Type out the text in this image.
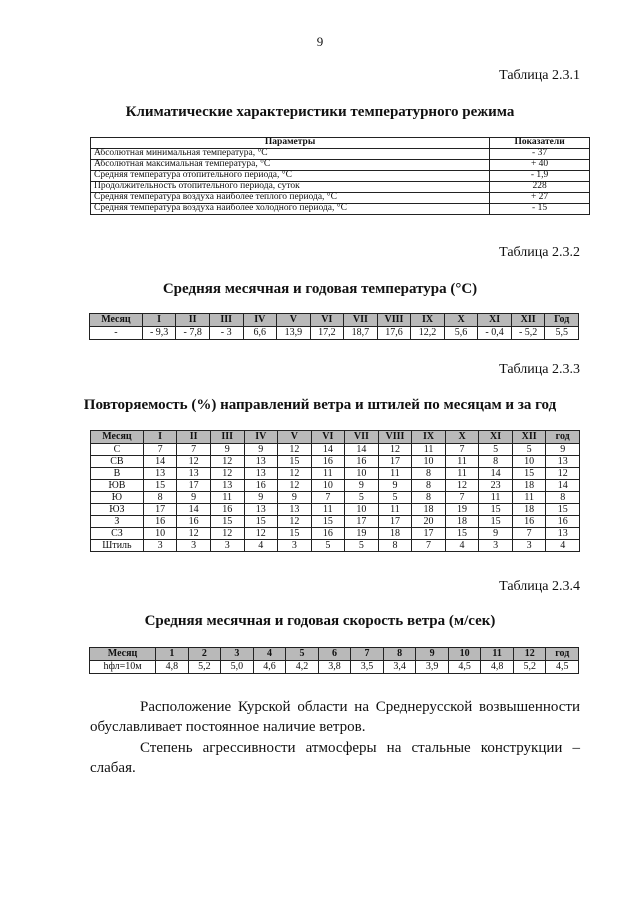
9
Таблица 2.3.1
Климатические характеристики температурного режима
Параметры	Показатели
Абсолютная минимальная температура, °С	- 37
Абсолютная максимальная температура, °С	+ 40
Средняя температура отопительного периода, °С	- 1,9
Продолжительность отопительного периода, суток	228
Средняя температура воздуха наиболее теплого периода, °С	+ 27
Средняя температура воздуха наиболее холодного периода, °С	- 15
Таблица 2.3.2
Средняя месячная и годовая температура (°С)
Месяц	I	II	III	IV	V	VI	VII	VIII	IX	X	XI	XII	Год
-	- 9,3	- 7,8	- 3	6,6	13,9	17,2	18,7	17,6	12,2	5,6	- 0,4	- 5,2	5,5
Таблица 2.3.3
Повторяемость (%) направлений ветра и штилей по месяцам и за год
Месяц	I	II	III	IV	V	VI	VII	VIII	IX	X	XI	XII	год
С	7	7	9	9	12	14	14	12	11	7	5	5	9
СВ	14	12	12	13	15	16	16	17	10	11	8	10	13
В	13	13	12	13	12	11	10	11	8	11	14	15	12
ЮВ	15	17	13	16	12	10	9	9	8	12	23	18	14
Ю	8	9	11	9	9	7	5	5	8	7	11	11	8
ЮЗ	17	14	16	13	13	11	10	11	18	19	15	18	15
З	16	16	15	15	12	15	17	17	20	18	15	16	16
СЗ	10	12	12	12	15	16	19	18	17	15	9	7	13
Штиль	3	3	3	4	3	5	5	8	7	4	3	3	4
Таблица 2.3.4
Средняя месячная и годовая скорость ветра (м/сек)
Месяц	1	2	3	4	5	6	7	8	9	10	11	12	год
hфл=10м	4,8	5,2	5,0	4,6	4,2	3,8	3,5	3,4	3,9	4,5	4,8	5,2	4,5
Расположение Курской области на Среднерусской возвышенности обуславливает постоянное наличие ветров.
Степень агрессивности атмосферы на стальные конструкции – слабая.
